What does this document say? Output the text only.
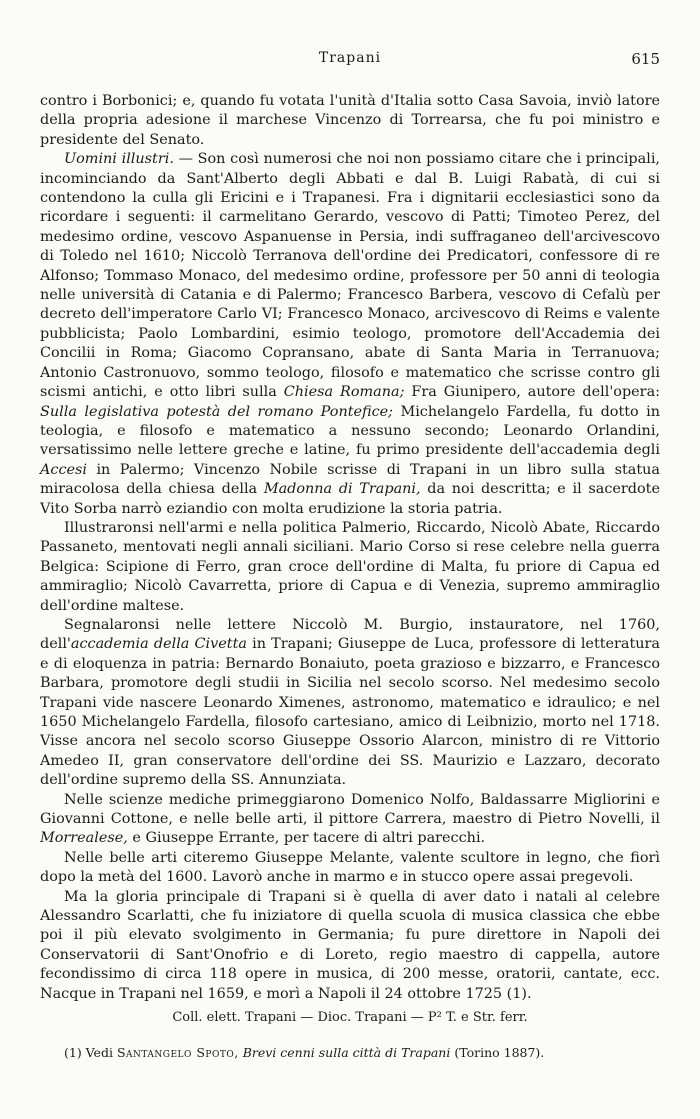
Trapani	615

contro i Borbonici; e, quando fu votata l'unità d'Italia sotto Casa Savoia, inviò latore della propria adesione il marchese Vincenzo di Torrearsa, che fu poi ministro e presidente del Senato.

Uomini illustri. — Son così numerosi che noi non possiamo citare che i principali, incominciando da Sant'Alberto degli Abbati e dal B. Luigi Rabatà, di cui si contendono la culla gli Ericini e i Trapanesi. Fra i dignitarii ecclesiastici sono da ricordare i seguenti: il carmelitano Gerardo, vescovo di Patti; Timoteo Perez, del medesimo ordine, vescovo Aspanuense in Persia, indi suffraganeo dell'arcivescovo di Toledo nel 1610; Niccolò Terranova dell'ordine dei Predicatori, confessore di re Alfonso; Tommaso Monaco, del medesimo ordine, professore per 50 anni di teologia nelle università di Catania e di Palermo; Francesco Barbera, vescovo di Cefalù per decreto dell'imperatore Carlo VI; Francesco Monaco, arcivescovo di Reims e valente pubblicista; Paolo Lombardini, esimio teologo, promotore dell'Accademia dei Concilii in Roma; Giacomo Copransano, abate di Santa Maria in Terranuova; Antonio Castronuovo, sommo teologo, filosofo e matematico che scrisse contro gli scismi antichi, e otto libri sulla Chiesa Romana; Fra Giunipero, autore dell'opera: Sulla legislativa potestà del romano Pontefice; Michelangelo Fardella, fu dotto in teologia, e filosofo e matematico a nessuno secondo; Leonardo Orlandini, versatissimo nelle lettere greche e latine, fu primo presidente dell'accademia degli Accesi in Palermo; Vincenzo Nobile scrisse di Trapani in un libro sulla statua miracolosa della chiesa della Madonna di Trapani, da noi descritta; e il sacerdote Vito Sorba narrò eziandio con molta erudizione la storia patria.

Illustraronsi nell'armi e nella politica Palmerio, Riccardo, Nicolò Abate, Riccardo Passaneto, mentovati negli annali siciliani. Mario Corso si rese celebre nella guerra Belgica: Scipione di Ferro, gran croce dell'ordine di Malta, fu priore di Capua ed ammiraglio; Nicolò Cavarretta, priore di Capua e di Venezia, supremo ammiraglio dell'ordine maltese.

Segnalaronsi nelle lettere Niccolò M. Burgio, instauratore, nel 1760, dell'accademia della Civetta in Trapani; Giuseppe de Luca, professore di letteratura e di eloquenza in patria: Bernardo Bonaiuto, poeta grazioso e bizzarro, e Francesco Barbara, promotore degli studii in Sicilia nel secolo scorso. Nel medesimo secolo Trapani vide nascere Leonardo Ximenes, astronomo, matematico e idraulico; e nel 1650 Michelangelo Fardella, filosofo cartesiano, amico di Leibnizio, morto nel 1718. Visse ancora nel secolo scorso Giuseppe Ossorio Alarcon, ministro di re Vittorio Amedeo II, gran conservatore dell'ordine dei SS. Maurizio e Lazzaro, decorato dell'ordine supremo della SS. Annunziata.

Nelle scienze mediche primeggiarono Domenico Nolfo, Baldassarre Migliorini e Giovanni Cottone, e nelle belle arti, il pittore Carrera, maestro di Pietro Novelli, il Morrealese, e Giuseppe Errante, per tacere di altri parecchi.

Nelle belle arti citeremo Giuseppe Melante, valente scultore in legno, che fiorì dopo la metà del 1600. Lavorò anche in marmo e in stucco opere assai pregevoli.

Ma la gloria principale di Trapani si è quella di aver dato i natali al celebre Alessandro Scarlatti, che fu iniziatore di quella scuola di musica classica che ebbe poi il più elevato svolgimento in Germania; fu pure direttore in Napoli dei Conservatorii di Sant'Onofrio e di Loreto, regio maestro di cappella, autore fecondissimo di circa 118 opere in musica, di 200 messe, oratorii, cantate, ecc. Nacque in Trapani nel 1659, e morì a Napoli il 24 ottobre 1725 (1).

Coll. elett. Trapani — Dioc. Trapani — P² T. e Str. ferr.
(1) Vedi Santangelo Spoto, Brevi cenni sulla città di Trapani (Torino 1887).
